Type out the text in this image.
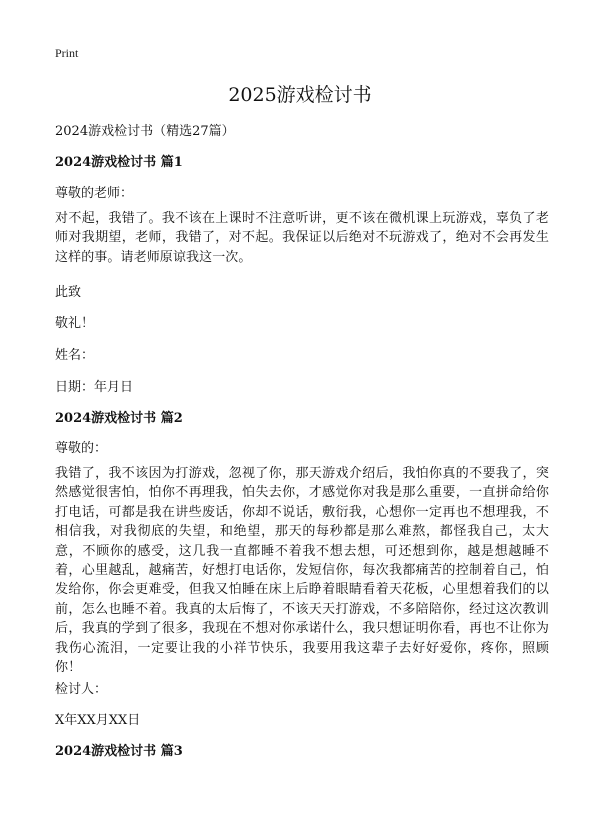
Print
2025游戏检讨书
2024游戏检讨书（精选27篇）
2024游戏检讨书 篇1
尊敬的老师：
对不起，我错了。我不该在上课时不注意听讲，更不该在微机课上玩游戏，辜负了老师对我期望，老师，我错了，对不起。我保证以后绝对不玩游戏了，绝对不会再发生这样的事。请老师原谅我这一次。
此致
敬礼！
姓名：
日期：年月日
2024游戏检讨书 篇2
尊敬的：
我错了，我不该因为打游戏，忽视了你，那天游戏介绍后，我怕你真的不要我了，突然感觉很害怕，怕你不再理我，怕失去你，才感觉你对我是那么重要，一直拼命给你打电话，可都是我在讲些废话，你却不说话，敷衍我，心想你一定再也不想理我，不相信我，对我彻底的失望，和绝望，那天的每秒都是那么难熬，都怪我自己，太大意，不顾你的感受，这几我一直都睡不着我不想去想，可还想到你，越是想越睡不着，心里越乱，越痛苦，好想打电话你，发短信你，每次我都痛苦的控制着自己，怕发给你，你会更难受，但我又怕睡在床上后睁着眼睛看着天花板，心里想着我们的以前，怎么也睡不着。我真的太后悔了，不该天天打游戏，不多陪陪你，经过这次教训后，我真的学到了很多，我现在不想对你承诺什么，我只想证明你看，再也不让你为我伤心流泪，一定要让我的小祥节快乐，我要用我这辈子去好好爱你，疼你，照顾你！
检讨人：
X年XX月XX日
2024游戏检讨书 篇3
